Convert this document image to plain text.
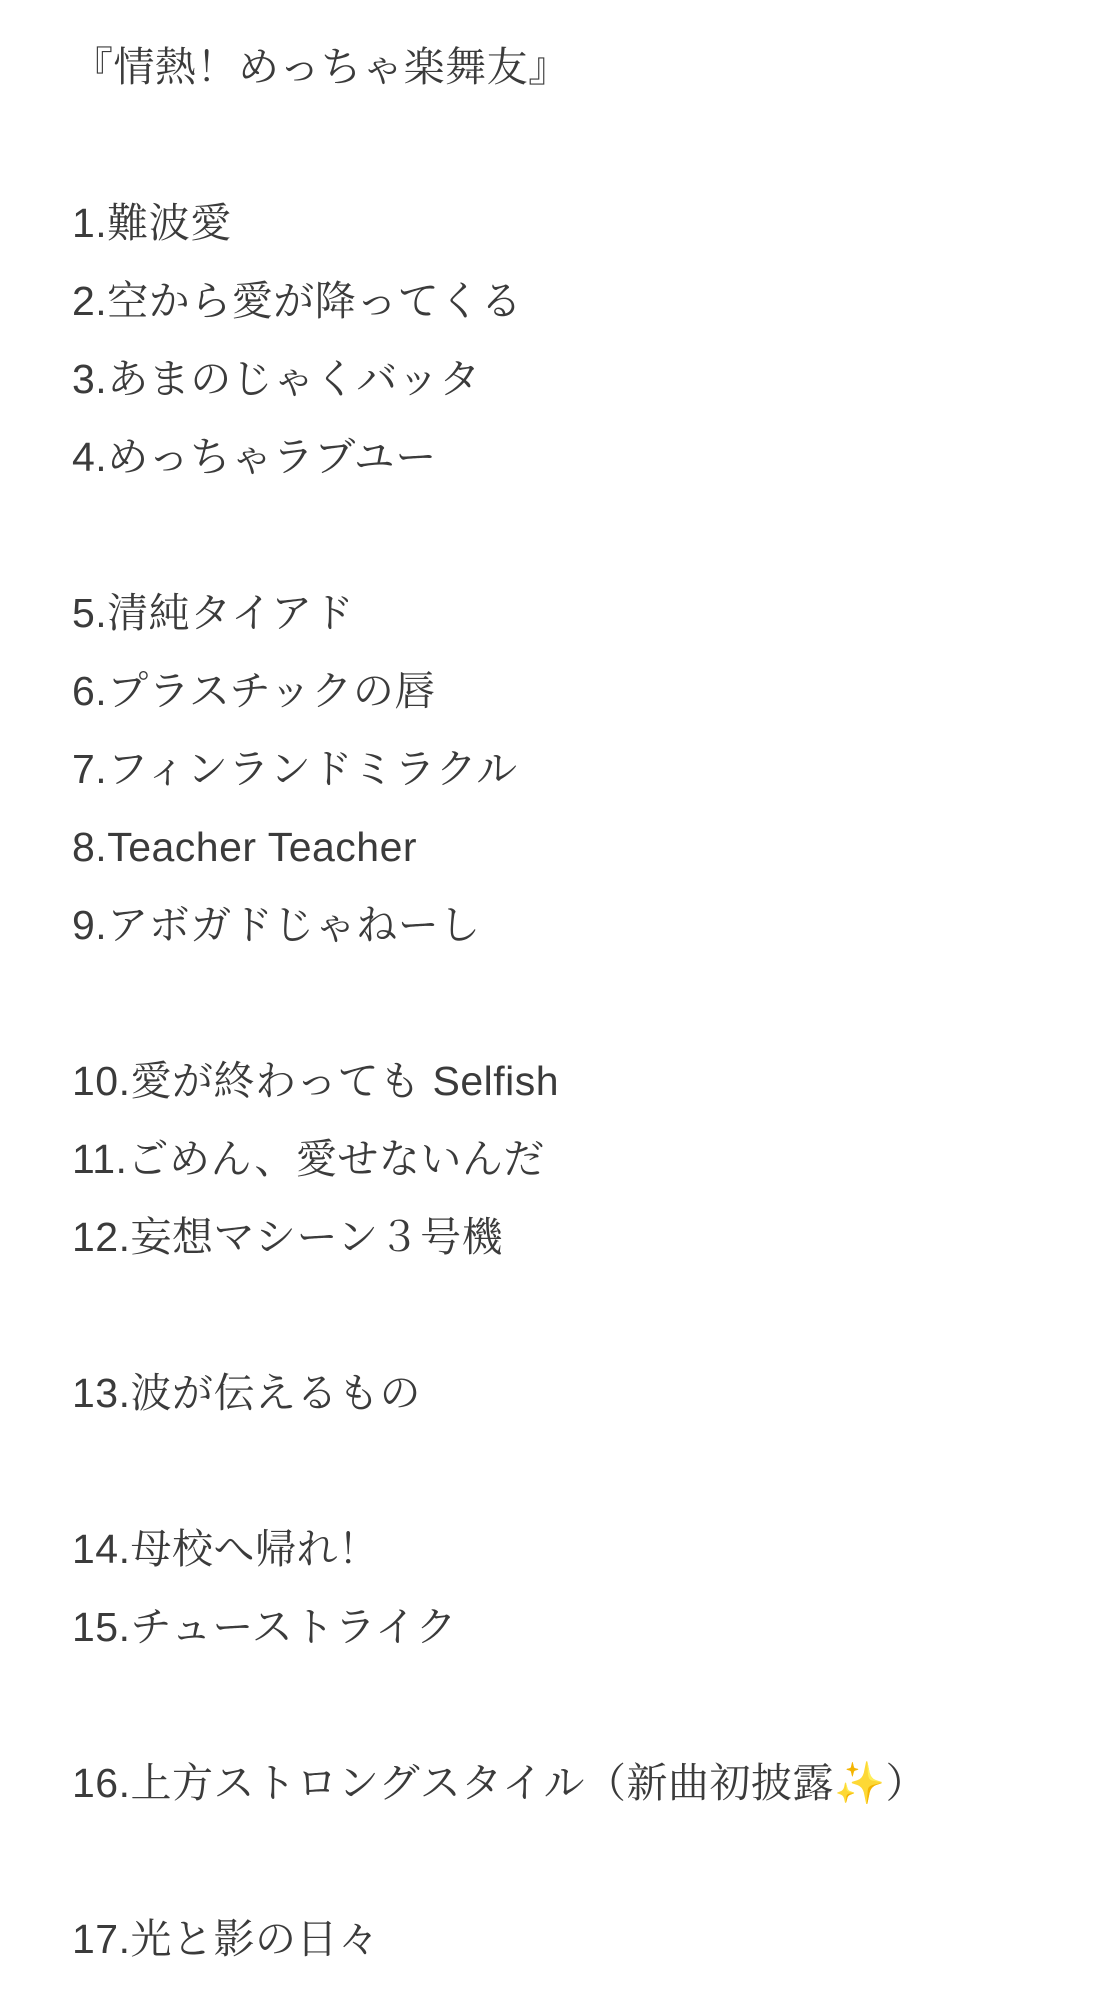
『情熱！めっちゃ楽舞友』
1.難波愛
2.空から愛が降ってくる
3.あまのじゃくバッタ
4.めっちゃラブユー
5.清純タイアド
6.プラスチックの唇
7.フィンランドミラクル
8.Teacher Teacher
9.アボガドじゃねーし
10.愛が終わっても Selfish
11.ごめん、愛せないんだ
12.妄想マシーン３号機
13.波が伝えるもの
14.母校へ帰れ！
15.チューストライク
16.上方ストロングスタイル（新曲初披露✨）
17.光と影の日々
